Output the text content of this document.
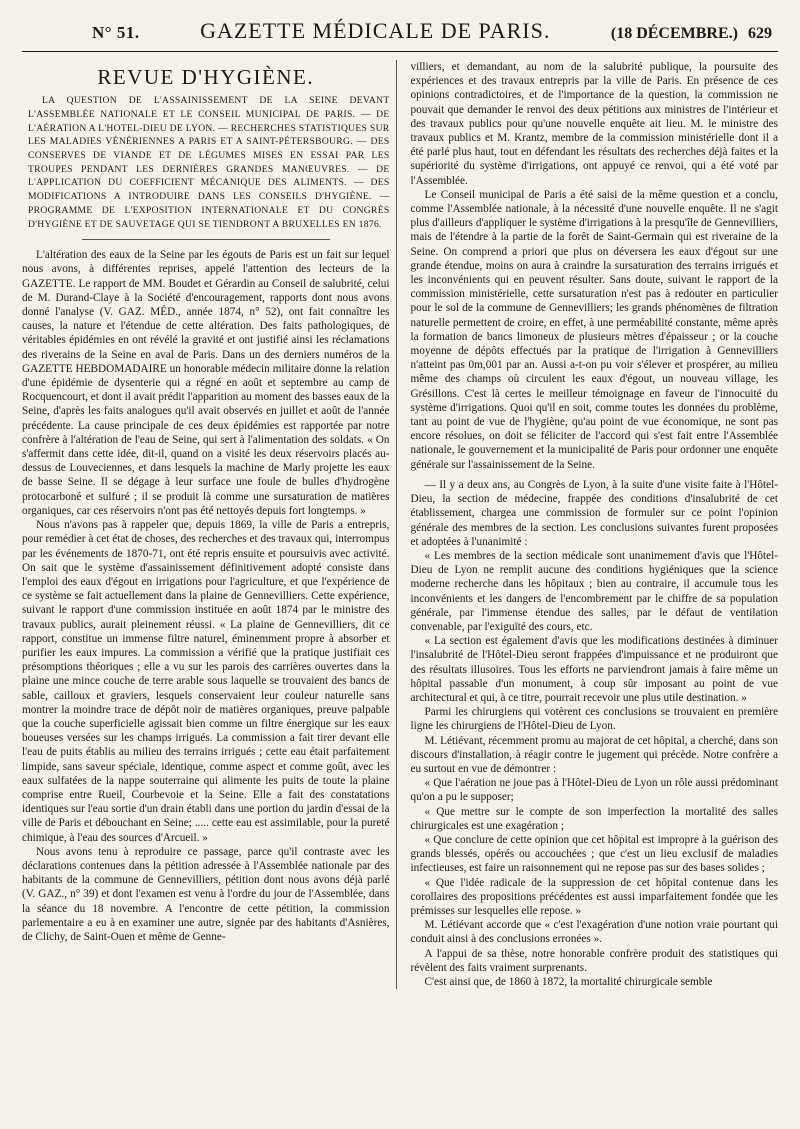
N° 51.	GAZETTE MÉDICALE DE PARIS.	(18 DÉCEMBRE.) 629
REVUE D'HYGIÈNE.

LA QUESTION DE L'ASSAINISSEMENT DE LA SEINE DEVANT L'ASSEMBLÉE NATIONALE ET LE CONSEIL MUNICIPAL DE PARIS. — DE L'AÉRATION A L'HOTEL-DIEU DE LYON. — RECHERCHES STATISTIQUES SUR LES MALADIES VÉNÉRIENNES A PARIS ET A SAINT-PÉTERSBOURG. — DES CONSERVES DE VIANDE ET DE LÉGUMES MISES EN ESSAI PAR LES TROUPES PENDANT LES DERNIÈRES GRANDES MANŒUVRES. — DE L'APPLICATION DU COEFFICIENT MÉCANIQUE DES ALIMENTS. — DES MODIFICATIONS A INTRODUIRE DANS LES CONSEILS D'HYGIÈNE. — PROGRAMME DE L'EXPOSITION INTERNATIONALE ET DU CONGRÈS D'HYGIÈNE ET DE SAUVETAGE QUI SE TIENDRONT A BRUXELLES EN 1876.

L'altération des eaux de la Seine par les égouts de Paris est un fait sur lequel nous avons, à différentes reprises, appelé l'attention des lecteurs de la GAZETTE. Le rapport de MM. Boudet et Gérardin au Conseil de salubrité, celui de M. Durand-Claye à la Société d'encouragement, rapports dont nous avons donné l'analyse (V. GAZ. MÉD., année 1874, n° 52), ont fait connaître les causes, la nature et l'étendue de cette altération. Des faits pathologiques, de véritables épidémies en ont révélé la gravité et ont justifié ainsi les réclamations des riverains de la Seine en aval de Paris. Dans un des derniers numéros de la GAZETTE HEBDOMADAIRE un honorable médecin militaire donne la relation d'une épidémie de dysenterie qui a régné en août et septembre au camp de Rocquencourt, et dont il avait prédit l'apparition au moment des basses eaux de la Seine, d'après les faits analogues qu'il avait observés en juillet et août de l'année précédente. La cause principale de ces deux épidémies est rapportée par notre confrère à l'altération de l'eau de Seine, qui sert à l'alimentation des soldats. « On s'affermit dans cette idée, dit-il, quand on a visité les deux réservoirs placés au-dessus de Louveciennes, et dans lesquels la machine de Marly projette les eaux de basse Seine. Il se dégage à leur surface une foule de bulles d'hydrogène protocarboné et sulfuré ; il se produit là comme une sursaturation de matières organiques, car ces réservoirs n'ont pas été nettoyés depuis fort longtemps. »

Nous n'avons pas à rappeler que, depuis 1869, la ville de Paris a entrepris, pour remédier à cet état de choses, des recherches et des travaux qui, interrompus par les événements de 1870-71, ont été repris ensuite et poursuivis avec activité. On sait que le système d'assainissement définitivement adopté consiste dans l'emploi des eaux d'égout en irrigations pour l'agriculture, et que l'expérience de ce système se fait actuellement dans la plaine de Gennevilliers. Cette expérience, suivant le rapport d'une commission instituée en août 1874 par le ministre des travaux publics, aurait pleinement réussi. « La plaine de Gennevilliers, dit ce rapport, constitue un immense filtre naturel, éminemment propre à absorber et purifier les eaux impures. La commission a vérifié que la pratique justifiait ces présomptions théoriques ; elle a vu sur les parois des carrières ouvertes dans la plaine une mince couche de terre arable sous laquelle se trouvaient des bancs de sable, cailloux et graviers, lesquels conservaient leur couleur naturelle sans montrer la moindre trace de dépôt noir de matières organiques, preuve palpable que la couche superficielle agissait bien comme un filtre énergique sur les eaux boueuses versées sur les champs irrigués. La commission a fait tirer devant elle l'eau de puits établis au milieu des terrains irrigués ; cette eau était parfaitement limpide, sans saveur spéciale, identique, comme aspect et comme goût, avec les eaux sulfatées de la nappe souterraine qui alimente les puits de toute la plaine comprise entre Rueil, Courbevoie et la Seine. Elle a fait des constatations identiques sur l'eau sortie d'un drain établi dans une portion du jardin d'essai de la ville de Paris et débouchant en Seine; ..... cette eau est assimilable, pour la pureté chimique, à l'eau des sources d'Arcueil. »

Nous avons tenu à reproduire ce passage, parce qu'il contraste avec les déclarations contenues dans la pétition adressée à l'Assemblée nationale par des habitants de la commune de Gennevilliers, pétition dont nous avons déjà parlé (V. GAZ., n° 39) et dont l'examen est venu à l'ordre du jour de l'Assemblée, dans la séance du 18 novembre. A l'encontre de cette pétition, la commission parlementaire a eu à en examiner une autre, signée par des habitants d'Asnières, de Clichy, de Saint-Ouen et même de Genne-

villiers, et demandant, au nom de la salubrité publique, la poursuite des expériences et des travaux entrepris par la ville de Paris. En présence de ces opinions contradictoires, et de l'importance de la question, la commission ne pouvait que demander le renvoi des deux pétitions aux ministres de l'intérieur et des travaux publics pour qu'une nouvelle enquête ait lieu. M. le ministre des travaux publics et M. Krantz, membre de la commission ministérielle dont il a été parlé plus haut, tout en défendant les résultats des recherches déjà faites et la supériorité du système d'irrigations, ont appuyé ce renvoi, qui a été voté par l'Assemblée.

Le Conseil municipal de Paris a été saisi de la même question et a conclu, comme l'Assemblée nationale, à la nécessité d'une nouvelle enquête. Il ne s'agit plus d'ailleurs d'appliquer le système d'irrigations à la presqu'île de Gennevilliers, mais de l'étendre à la partie de la forêt de Saint-Germain qui est riveraine de la Seine. On comprend a priori que plus on déversera les eaux d'égout sur une grande étendue, moins on aura à craindre la sursaturation des terrains irrigués et les inconvénients qui en peuvent résulter. Sans doute, suivant le rapport de la commission ministérielle, cette sursaturation n'est pas à redouter en particulier pour le sol de la commune de Gennevilliers; les grands phénomènes de filtration naturelle permettent de croire, en effet, à une perméabilité constante, même après la formation de bancs limoneux de plusieurs mètres d'épaisseur ; or la couche moyenne de dépôts effectués par la pratique de l'irrigation à Gennevilliers n'atteint pas 0m,001 par an. Aussi a-t-on pu voir s'élever et prospérer, au milieu même des champs où circulent les eaux d'égout, un nouveau village, les Grésillons. C'est là certes le meilleur témoignage en faveur de l'innocuité du système d'irrigations. Quoi qu'il en soit, comme toutes les données du problème, tant au point de vue de l'hygiène, qu'au point de vue économique, ne sont pas encore résolues, on doit se féliciter de l'accord qui s'est fait entre l'Assemblée nationale, le gouvernement et la municipalité de Paris pour ordonner une enquête générale sur l'assainissement de la Seine.

— Il y a deux ans, au Congrès de Lyon, à la suite d'une visite faite à l'Hôtel-Dieu, la section de médecine, frappée des conditions d'insalubrité de cet établissement, chargea une commission de formuler sur ce point l'opinion générale des membres de la section. Les conclusions suivantes furent proposées et adoptées à l'unanimité :

« Les membres de la section médicale sont unanimement d'avis que l'Hôtel-Dieu de Lyon ne remplit aucune des conditions hygiéniques que la science moderne recherche dans les hôpitaux ; bien au contraire, il accumule tous les inconvénients et les dangers de l'encombrement par le chiffre de sa population générale, par l'immense étendue des salles, par le défaut de ventilation convenable, par l'exiguïté des cours, etc.

« La section est également d'avis que les modifications destinées à diminuer l'insalubrité de l'Hôtel-Dieu seront frappées d'impuissance et ne produiront que des résultats illusoires. Tous les efforts ne parviendront jamais à faire même un hôpital passable d'un monument, à coup sûr imposant au point de vue architectural et qui, à ce titre, pourrait recevoir une plus utile destination. »

Parmi les chirurgiens qui votèrent ces conclusions se trouvaient en première ligne les chirurgiens de l'Hôtel-Dieu de Lyon.

M. Létiévant, récemment promu au majorat de cet hôpital, a cherché, dans son discours d'installation, à réagir contre le jugement qui précède. Notre confrère a eu surtout en vue de démontrer :

« Que l'aération ne joue pas à l'Hôtel-Dieu de Lyon un rôle aussi prédominant qu'on a pu le supposer;

« Que mettre sur le compte de son imperfection la mortalité des salles chirurgicales est une exagération ;

« Que conclure de cette opinion que cet hôpital est impropre à la guérison des grands blessés, opérés ou accouchées ; que c'est un lieu exclusif de maladies infectieuses, est faire un raisonnement qui ne repose pas sur des bases solides ;

« Que l'idée radicale de la suppression de cet hôpital contenue dans les corollaires des propositions précédentes est aussi imparfaitement fondée que les prémisses sur lesquelles elle repose. »

M. Létiévant accorde que « c'est l'exagération d'une notion vraie pourtant qui conduit ainsi à des conclusions erronées ».

A l'appui de sa thèse, notre honorable confrère produit des statistiques qui révèlent des faits vraiment surprenants.

C'est ainsi que, de 1860 à 1872, la mortalité chirurgicale semble
